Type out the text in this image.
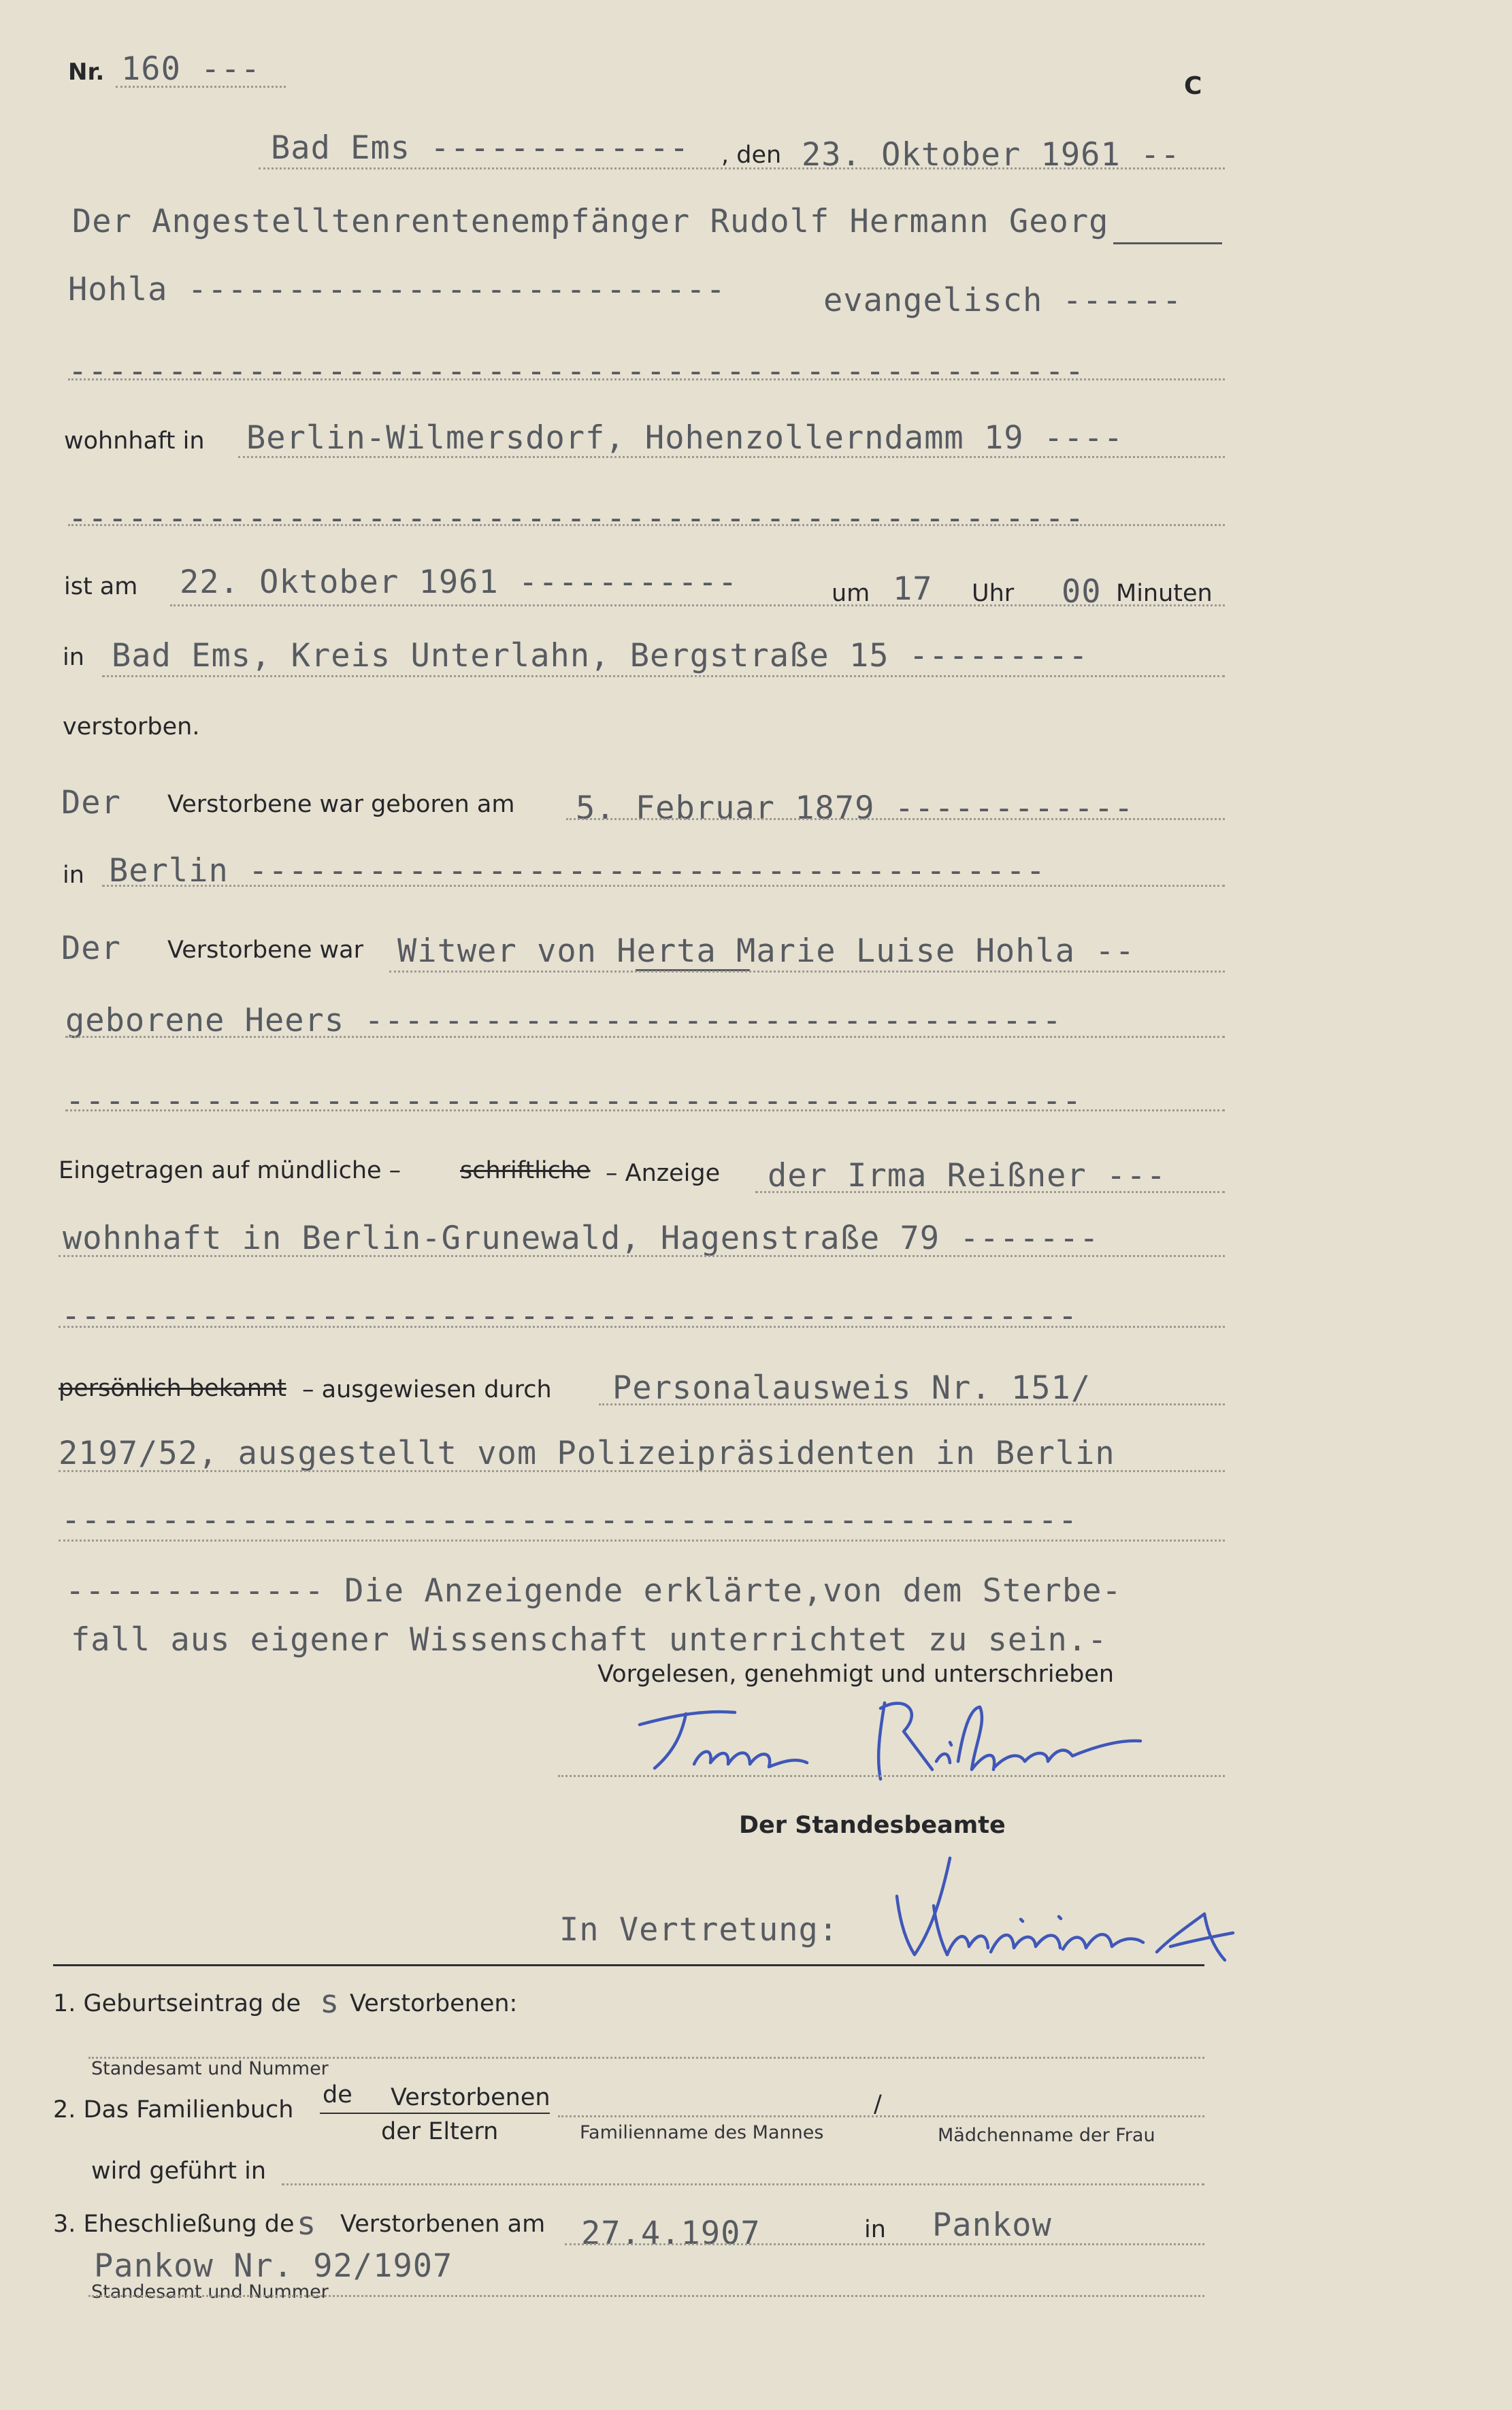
Nr. 160 ---	C
Bad Ems ------------- , den 23. Oktober 1961 --
Der Angestelltenrentenempfänger Rudolf Hermann Georg
Hohla ---------------------------	evangelisch ------
---------------------------------------------------
wohnhaft in Berlin-Wilmersdorf, Hohenzollerndamm 19 ----
---------------------------------------------------
ist am 22. Oktober 1961 -----------	um 17 Uhr 00 Minuten
in Bad Ems, Kreis Unterlahn, Bergstraße 15 ---------
verstorben.
Der Verstorbene war geboren am 5. Februar 1879 ------------
in Berlin ----------------------------------------
Der Verstorbene war Witwer von Herta Marie Luise Hohla --
geborene Heers -----------------------------------
---------------------------------------------------
Eingetragen auf mündliche – schriftliche – Anzeige der Irma Reißner ---
wohnhaft in Berlin-Grunewald, Hagenstraße 79 -------
---------------------------------------------------
persönlich bekannt – ausgewiesen durch Personalausweis Nr. 151/
2197/52, ausgestellt vom Polizeipräsidenten in Berlin
---------------------------------------------------
------------- Die Anzeigende erklärte,von dem Sterbe-
fall aus eigener Wissenschaft unterrichtet zu sein.-
Vorgelesen, genehmigt und unterschrieben
Der Standesbeamte
In Vertretung:
1. Geburtseintrag de s Verstorbenen:
Standesamt und Nummer
2. Das Familienbuch
de Verstorbenen
der Eltern	Familienname des Mannes
/
Mädchenname der Frau
wird geführt in
3. Eheschließung de s Verstorbenen am 27.4.1907	in Pankow
Pankow Nr. 92/1907
Standesamt und Nummer
